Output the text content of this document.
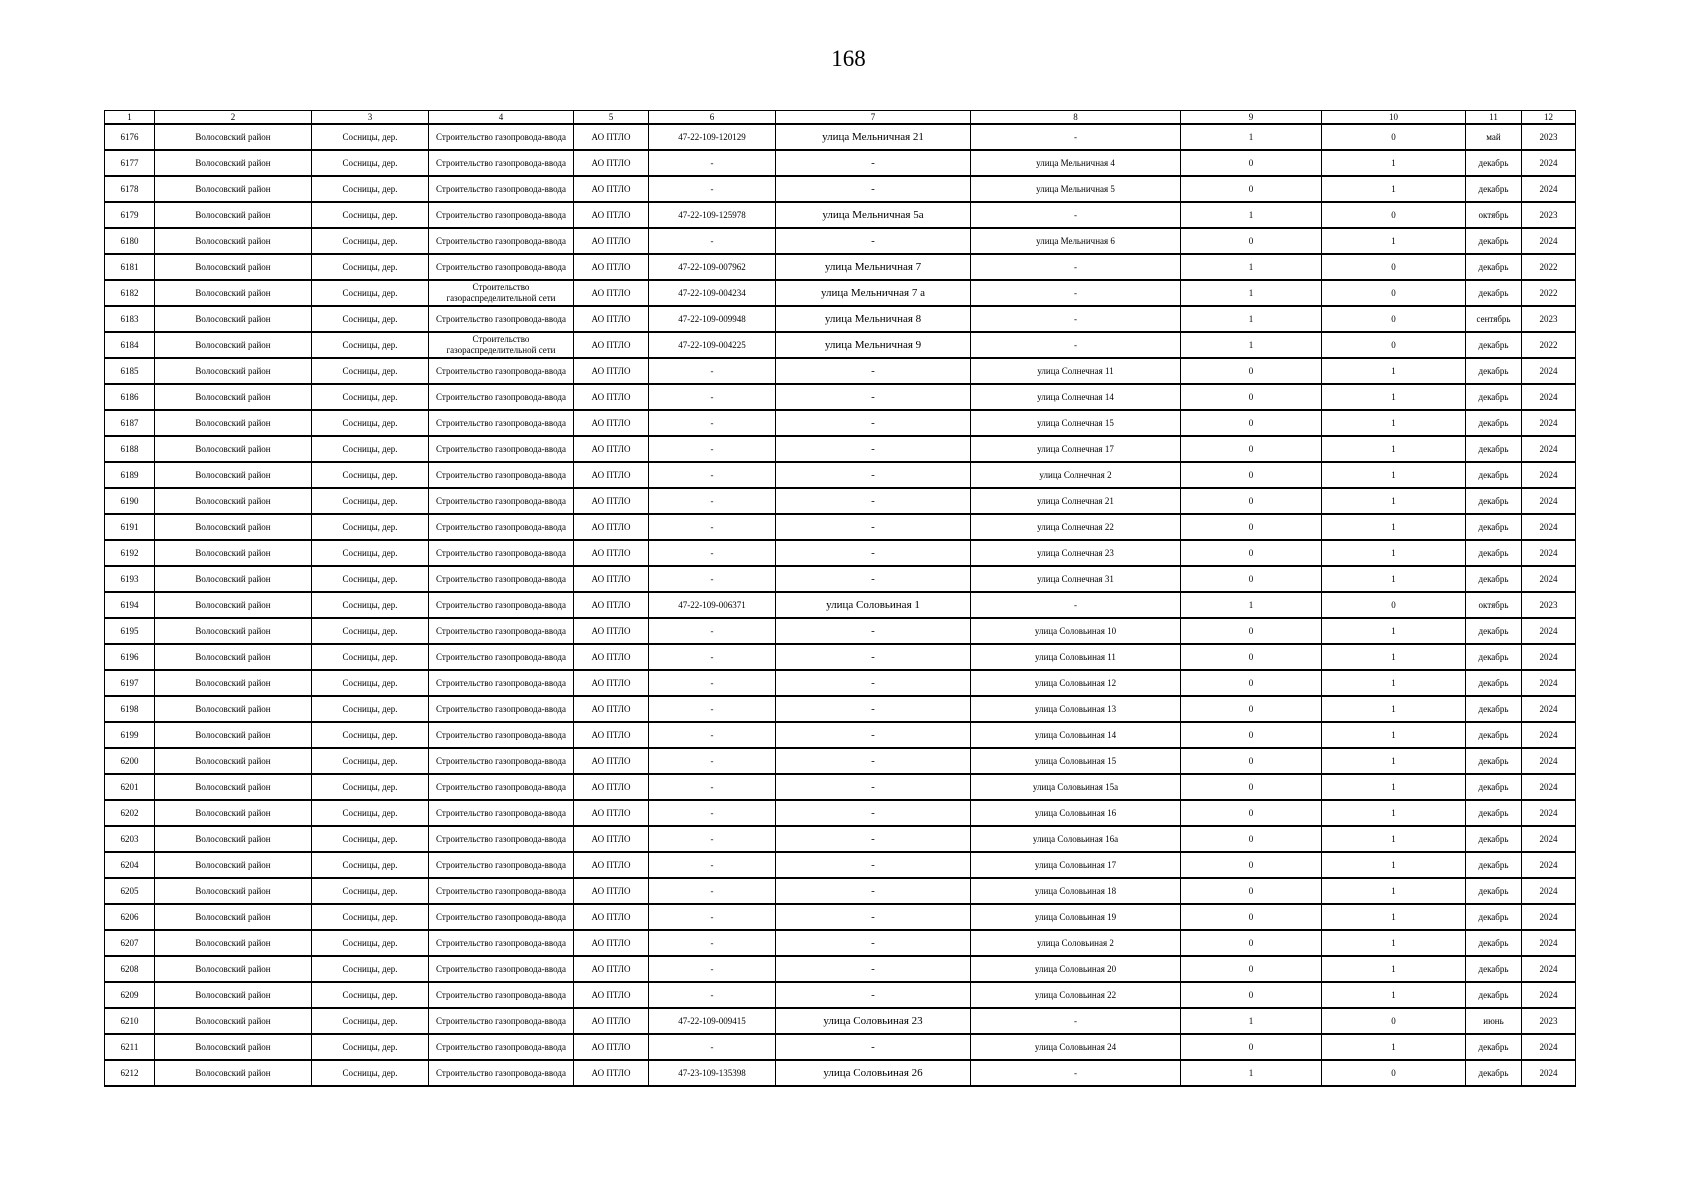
168
1	2	3	4	5	6	7	8	9	10	11	12
6176	Волосовский район	Сосницы, дер.	Строительство газопровода-ввода	АО ПТЛО	47-22-109-120129	улица Мельничная 21	-	1	0	май	2023
6177	Волосовский район	Сосницы, дер.	Строительство газопровода-ввода	АО ПТЛО	-	-	улица Мельничная 4	0	1	декабрь	2024
6178	Волосовский район	Сосницы, дер.	Строительство газопровода-ввода	АО ПТЛО	-	-	улица Мельничная 5	0	1	декабрь	2024
6179	Волосовский район	Сосницы, дер.	Строительство газопровода-ввода	АО ПТЛО	47-22-109-125978	улица Мельничная 5а	-	1	0	октябрь	2023
6180	Волосовский район	Сосницы, дер.	Строительство газопровода-ввода	АО ПТЛО	-	-	улица Мельничная 6	0	1	декабрь	2024
6181	Волосовский район	Сосницы, дер.	Строительство газопровода-ввода	АО ПТЛО	47-22-109-007962	улица Мельничная 7	-	1	0	декабрь	2022
6182	Волосовский район	Сосницы, дер.	Строительство газораспределительной сети	АО ПТЛО	47-22-109-004234	улица Мельничная 7 а	-	1	0	декабрь	2022
6183	Волосовский район	Сосницы, дер.	Строительство газопровода-ввода	АО ПТЛО	47-22-109-009948	улица Мельничная 8	-	1	0	сентябрь	2023
6184	Волосовский район	Сосницы, дер.	Строительство газораспределительной сети	АО ПТЛО	47-22-109-004225	улица Мельничная 9	-	1	0	декабрь	2022
6185	Волосовский район	Сосницы, дер.	Строительство газопровода-ввода	АО ПТЛО	-	-	улица Солнечная 11	0	1	декабрь	2024
6186	Волосовский район	Сосницы, дер.	Строительство газопровода-ввода	АО ПТЛО	-	-	улица Солнечная 14	0	1	декабрь	2024
6187	Волосовский район	Сосницы, дер.	Строительство газопровода-ввода	АО ПТЛО	-	-	улица Солнечная 15	0	1	декабрь	2024
6188	Волосовский район	Сосницы, дер.	Строительство газопровода-ввода	АО ПТЛО	-	-	улица Солнечная 17	0	1	декабрь	2024
6189	Волосовский район	Сосницы, дер.	Строительство газопровода-ввода	АО ПТЛО	-	-	улица Солнечная 2	0	1	декабрь	2024
6190	Волосовский район	Сосницы, дер.	Строительство газопровода-ввода	АО ПТЛО	-	-	улица Солнечная 21	0	1	декабрь	2024
6191	Волосовский район	Сосницы, дер.	Строительство газопровода-ввода	АО ПТЛО	-	-	улица Солнечная 22	0	1	декабрь	2024
6192	Волосовский район	Сосницы, дер.	Строительство газопровода-ввода	АО ПТЛО	-	-	улица Солнечная 23	0	1	декабрь	2024
6193	Волосовский район	Сосницы, дер.	Строительство газопровода-ввода	АО ПТЛО	-	-	улица Солнечная 31	0	1	декабрь	2024
6194	Волосовский район	Сосницы, дер.	Строительство газопровода-ввода	АО ПТЛО	47-22-109-006371	улица Соловьиная 1	-	1	0	октябрь	2023
6195	Волосовский район	Сосницы, дер.	Строительство газопровода-ввода	АО ПТЛО	-	-	улица Соловьиная 10	0	1	декабрь	2024
6196	Волосовский район	Сосницы, дер.	Строительство газопровода-ввода	АО ПТЛО	-	-	улица Соловьиная 11	0	1	декабрь	2024
6197	Волосовский район	Сосницы, дер.	Строительство газопровода-ввода	АО ПТЛО	-	-	улица Соловьиная 12	0	1	декабрь	2024
6198	Волосовский район	Сосницы, дер.	Строительство газопровода-ввода	АО ПТЛО	-	-	улица Соловьиная 13	0	1	декабрь	2024
6199	Волосовский район	Сосницы, дер.	Строительство газопровода-ввода	АО ПТЛО	-	-	улица Соловьиная 14	0	1	декабрь	2024
6200	Волосовский район	Сосницы, дер.	Строительство газопровода-ввода	АО ПТЛО	-	-	улица Соловьиная 15	0	1	декабрь	2024
6201	Волосовский район	Сосницы, дер.	Строительство газопровода-ввода	АО ПТЛО	-	-	улица Соловьиная 15а	0	1	декабрь	2024
6202	Волосовский район	Сосницы, дер.	Строительство газопровода-ввода	АО ПТЛО	-	-	улица Соловьиная 16	0	1	декабрь	2024
6203	Волосовский район	Сосницы, дер.	Строительство газопровода-ввода	АО ПТЛО	-	-	улица Соловьиная 16а	0	1	декабрь	2024
6204	Волосовский район	Сосницы, дер.	Строительство газопровода-ввода	АО ПТЛО	-	-	улица Соловьиная 17	0	1	декабрь	2024
6205	Волосовский район	Сосницы, дер.	Строительство газопровода-ввода	АО ПТЛО	-	-	улица Соловьиная 18	0	1	декабрь	2024
6206	Волосовский район	Сосницы, дер.	Строительство газопровода-ввода	АО ПТЛО	-	-	улица Соловьиная 19	0	1	декабрь	2024
6207	Волосовский район	Сосницы, дер.	Строительство газопровода-ввода	АО ПТЛО	-	-	улица Соловьиная 2	0	1	декабрь	2024
6208	Волосовский район	Сосницы, дер.	Строительство газопровода-ввода	АО ПТЛО	-	-	улица Соловьиная 20	0	1	декабрь	2024
6209	Волосовский район	Сосницы, дер.	Строительство газопровода-ввода	АО ПТЛО	-	-	улица Соловьиная 22	0	1	декабрь	2024
6210	Волосовский район	Сосницы, дер.	Строительство газопровода-ввода	АО ПТЛО	47-22-109-009415	улица Соловьиная 23	-	1	0	июнь	2023
6211	Волосовский район	Сосницы, дер.	Строительство газопровода-ввода	АО ПТЛО	-	-	улица Соловьиная 24	0	1	декабрь	2024
6212	Волосовский район	Сосницы, дер.	Строительство газопровода-ввода	АО ПТЛО	47-23-109-135398	улица Соловьиная 26	-	1	0	декабрь	2024
